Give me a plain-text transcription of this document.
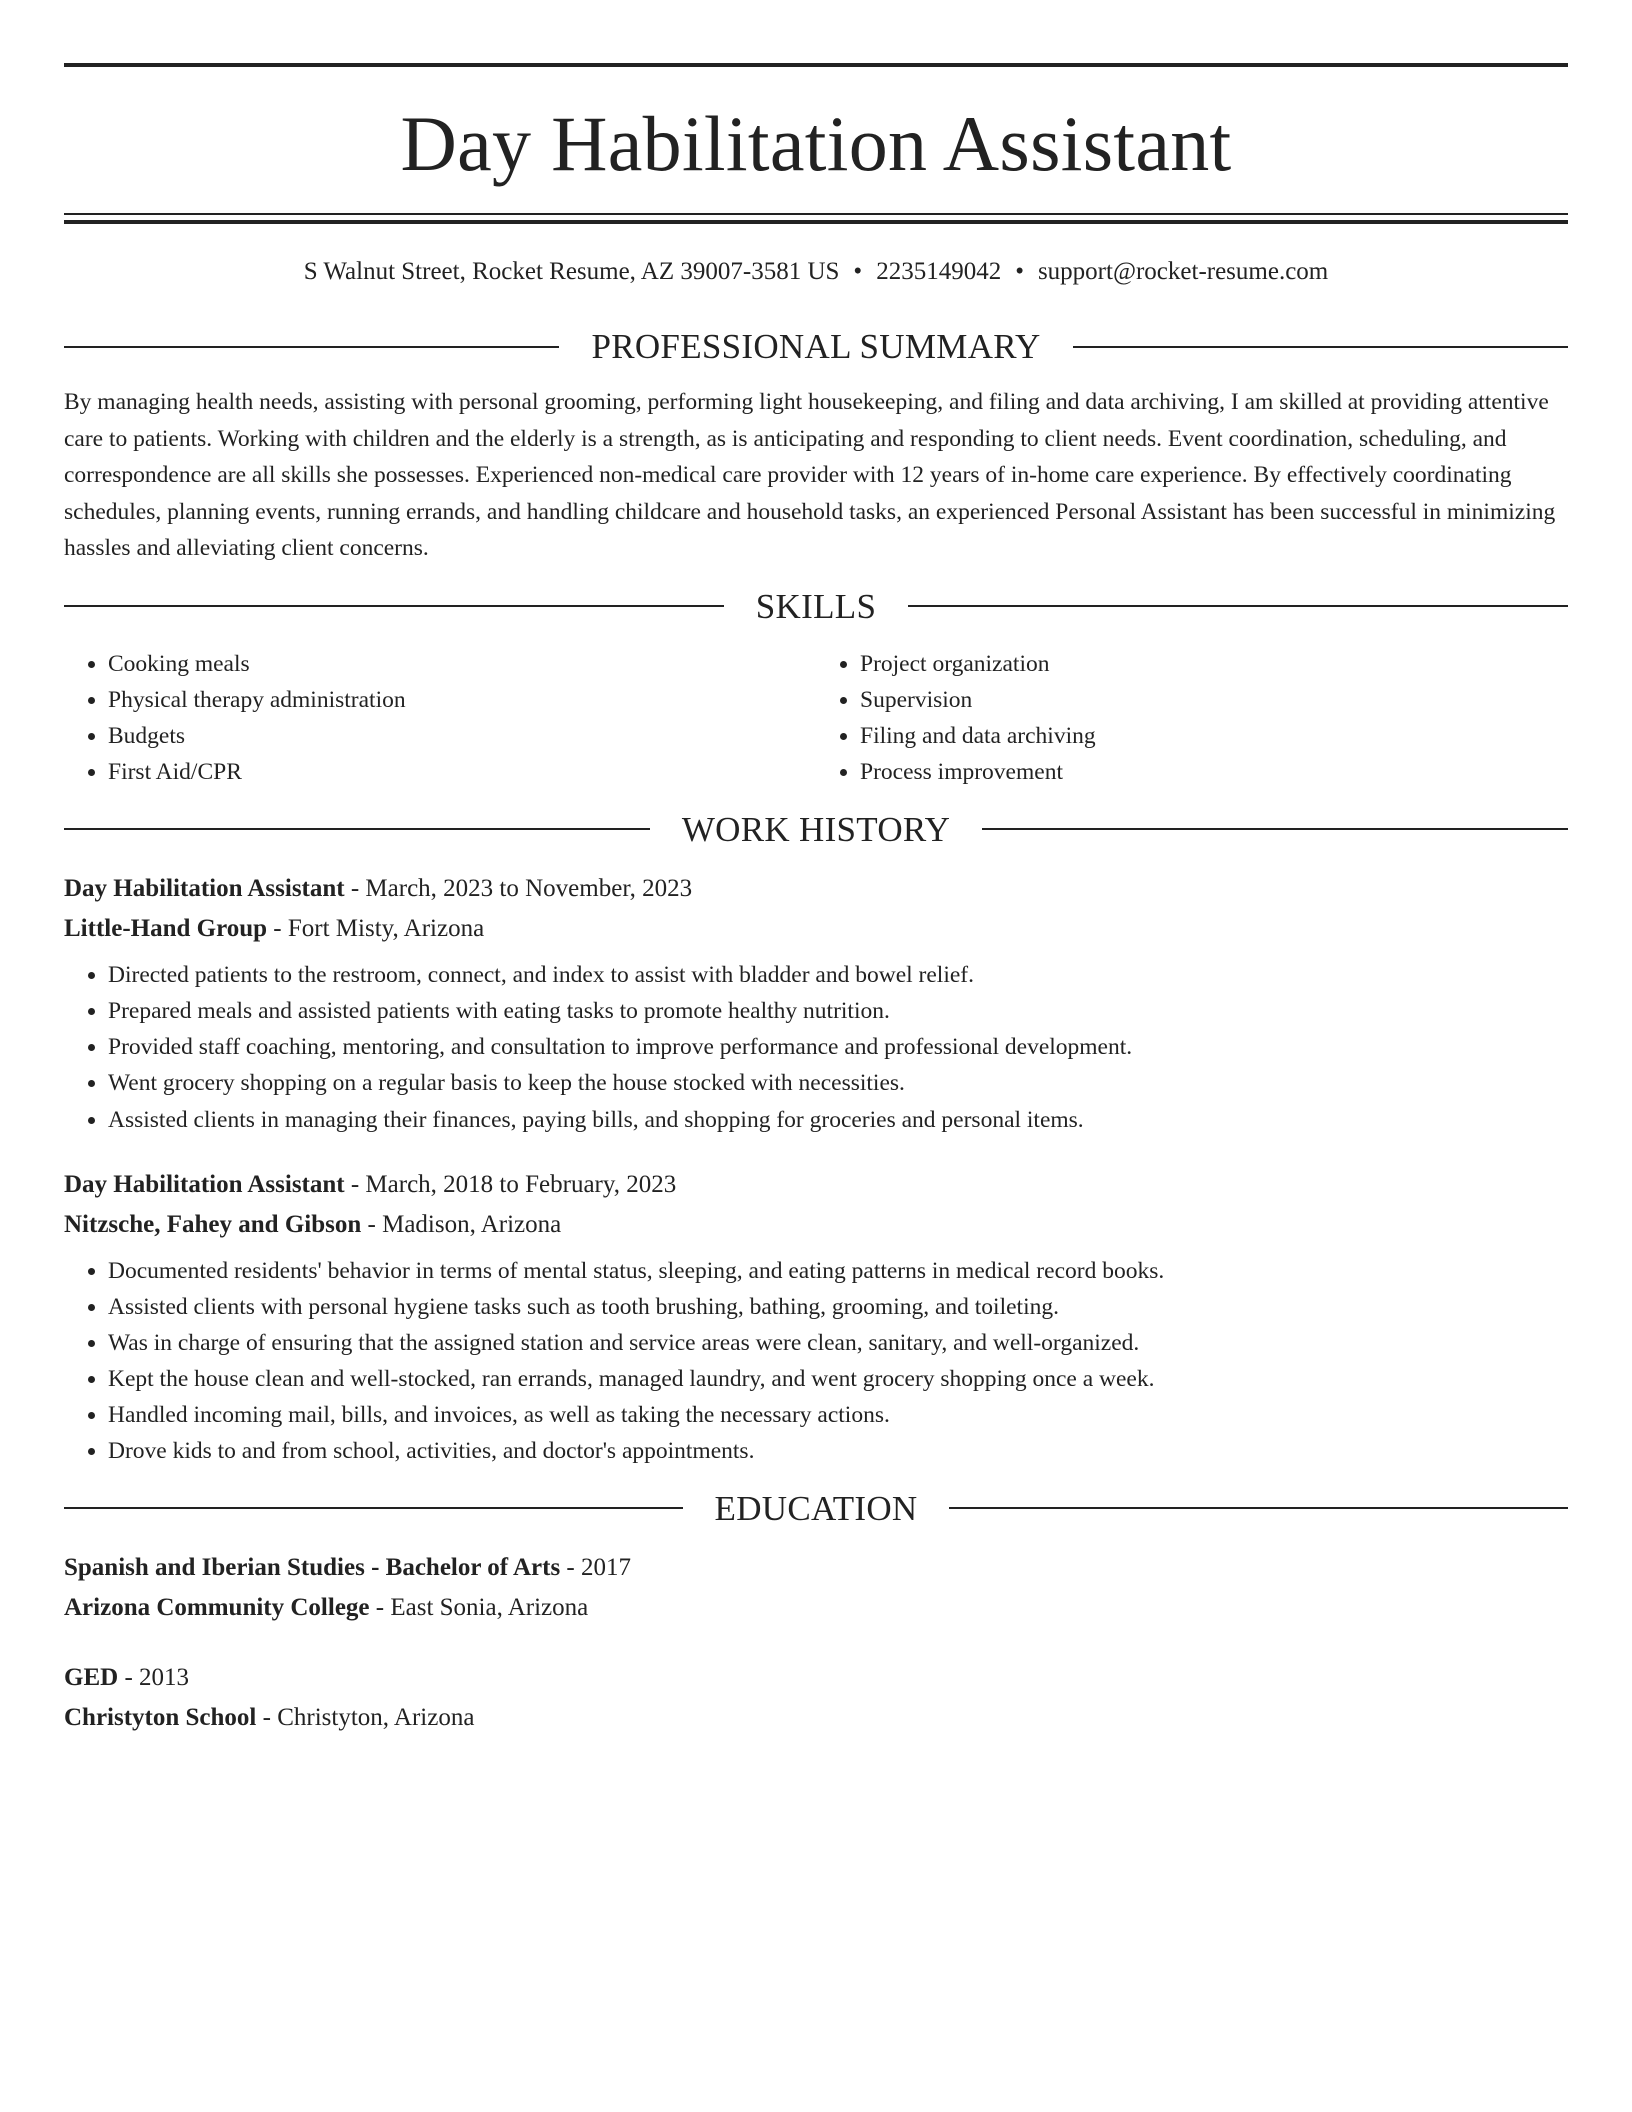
Day Habilitation Assistant
S Walnut Street, Rocket Resume, AZ 39007-3581 US • 2235149042 • support@rocket-resume.com
PROFESSIONAL SUMMARY

By managing health needs, assisting with personal grooming, performing light housekeeping, and filing and data archiving, I am skilled at providing attentive care to patients. Working with children and the elderly is a strength, as is anticipating and responding to client needs. Event coordination, scheduling, and correspondence are all skills she possesses. Experienced non-medical care provider with 12 years of in-home care experience. By effectively coordinating schedules, planning events, running errands, and handling childcare and household tasks, an experienced Personal Assistant has been successful in minimizing hassles and alleviating client concerns.

SKILLS
• Cooking meals
• Physical therapy administration
• Budgets
• First Aid/CPR
• Project organization
• Supervision
• Filing and data archiving
• Process improvement
WORK HISTORY
Day Habilitation Assistant - March, 2023 to November, 2023
Little-Hand Group - Fort Misty, Arizona
• Directed patients to the restroom, connect, and index to assist with bladder and bowel relief.
• Prepared meals and assisted patients with eating tasks to promote healthy nutrition.
• Provided staff coaching, mentoring, and consultation to improve performance and professional development.
• Went grocery shopping on a regular basis to keep the house stocked with necessities.
• Assisted clients in managing their finances, paying bills, and shopping for groceries and personal items.
Day Habilitation Assistant - March, 2018 to February, 2023
Nitzsche, Fahey and Gibson - Madison, Arizona
• Documented residents' behavior in terms of mental status, sleeping, and eating patterns in medical record books.
• Assisted clients with personal hygiene tasks such as tooth brushing, bathing, grooming, and toileting.
• Was in charge of ensuring that the assigned station and service areas were clean, sanitary, and well-organized.
• Kept the house clean and well-stocked, ran errands, managed laundry, and went grocery shopping once a week.
• Handled incoming mail, bills, and invoices, as well as taking the necessary actions.
• Drove kids to and from school, activities, and doctor's appointments.
EDUCATION
Spanish and Iberian Studies - Bachelor of Arts - 2017
Arizona Community College - East Sonia, Arizona
GED - 2013
Christyton School - Christyton, Arizona
